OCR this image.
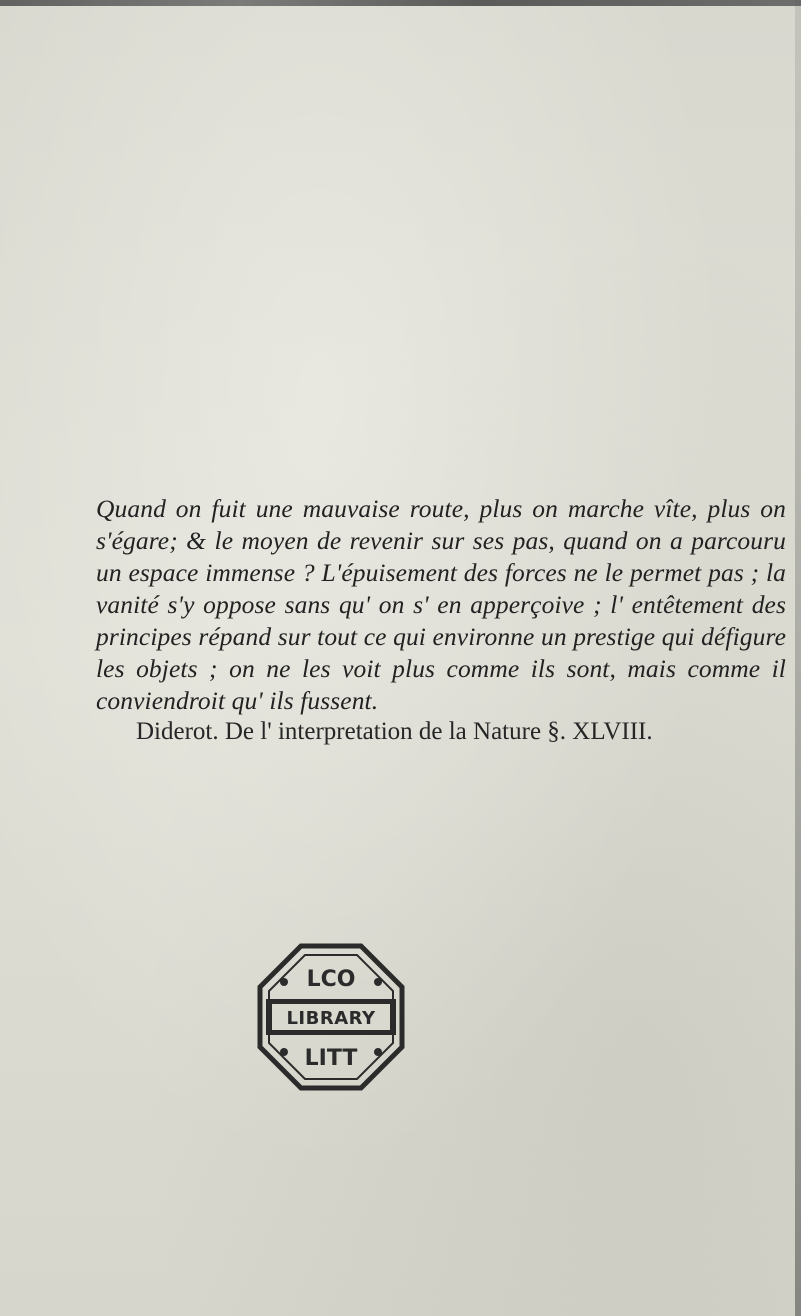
Quand on fuit une mauvaise route, plus on marche vîte, plus on s'égare; & le moyen de revenir sur ses pas, quand on a parcouru un espace immense ? L'épuisement des forces ne le permet pas ; la vanité s'y oppose sans qu' on s' en apperçoive ; l' entêtement des principes répand sur tout ce qui environne un prestige qui défigure les objets ; on ne les voit plus comme ils sont, mais comme il conviendroit qu' ils fussent.
Diderot. De l' interpretation de la Nature §. XLVIII.
LCO
LIBRARY
LITT
